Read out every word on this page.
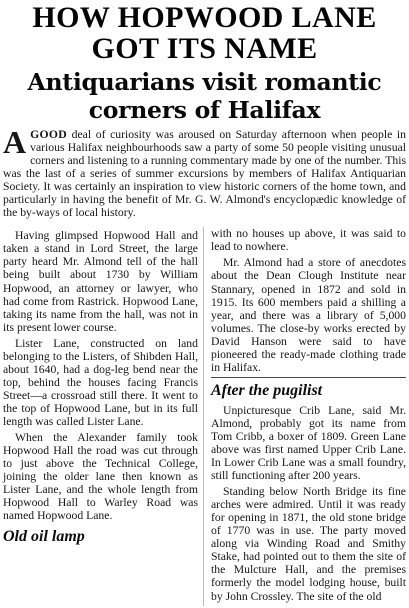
HOW HOPWOOD LANE GOT ITS NAME
Antiquarians visit romantic corners of Halifax

AGOOD deal of curiosity was aroused on Saturday afternoon when people in various Halifax neighbourhoods saw a party of some 50 people visiting unusual corners and listening to a running commentary made by one of the number. This was the last of a series of summer excursions by members of Halifax Antiquarian Society. It was certainly an inspiration to view historic corners of the home town, and particularly in having the benefit of Mr. G. W. Almond's encyclopædic knowledge of the by-ways of local history.

Having glimpsed Hopwood Hall and taken a stand in Lord Street, the large party heard Mr. Almond tell of the hall being built about 1730 by William Hopwood, an attorney or lawyer, who had come from Rastrick. Hopwood Lane, taking its name from the hall, was not in its present lower course.

Lister Lane, constructed on land belonging to the Listers, of Shibden Hall, about 1640, had a dog-leg bend near the top, behind the houses facing Francis Street—a crossroad still there. It went to the top of Hopwood Lane, but in its full length was called Lister Lane.

When the Alexander family took Hopwood Hall the road was cut through to just above the Technical College, joining the older lane then known as Lister Lane, and the whole length from Hopwood Hall to Warley Road was named Hopwood Lane.

Old oil lamp

with no houses up above, it was said to lead to nowhere.

Mr. Almond had a store of anecdotes about the Dean Clough Institute near Stannary, opened in 1872 and sold in 1915. Its 600 members paid a shilling a year, and there was a library of 5,000 volumes. The close-by works erected by David Hanson were said to have pioneered the ready-made clothing trade in Halifax.

After the pugilist

Unpicturesque Crib Lane, said Mr. Almond, probably got its name from Tom Cribb, a boxer of 1809. Green Lane above was first named Upper Crib Lane. In Lower Crib Lane was a small foundry, still functioning after 200 years.

Standing below North Bridge its fine arches were admired. Until it was ready for opening in 1871, the old stone bridge of 1770 was in use. The party moved along via Winding Road and Smithy Stake, had pointed out to them the site of the Mulcture Hall, and the premises formerly the model lodging house, built by John Crossley. The site of the old
